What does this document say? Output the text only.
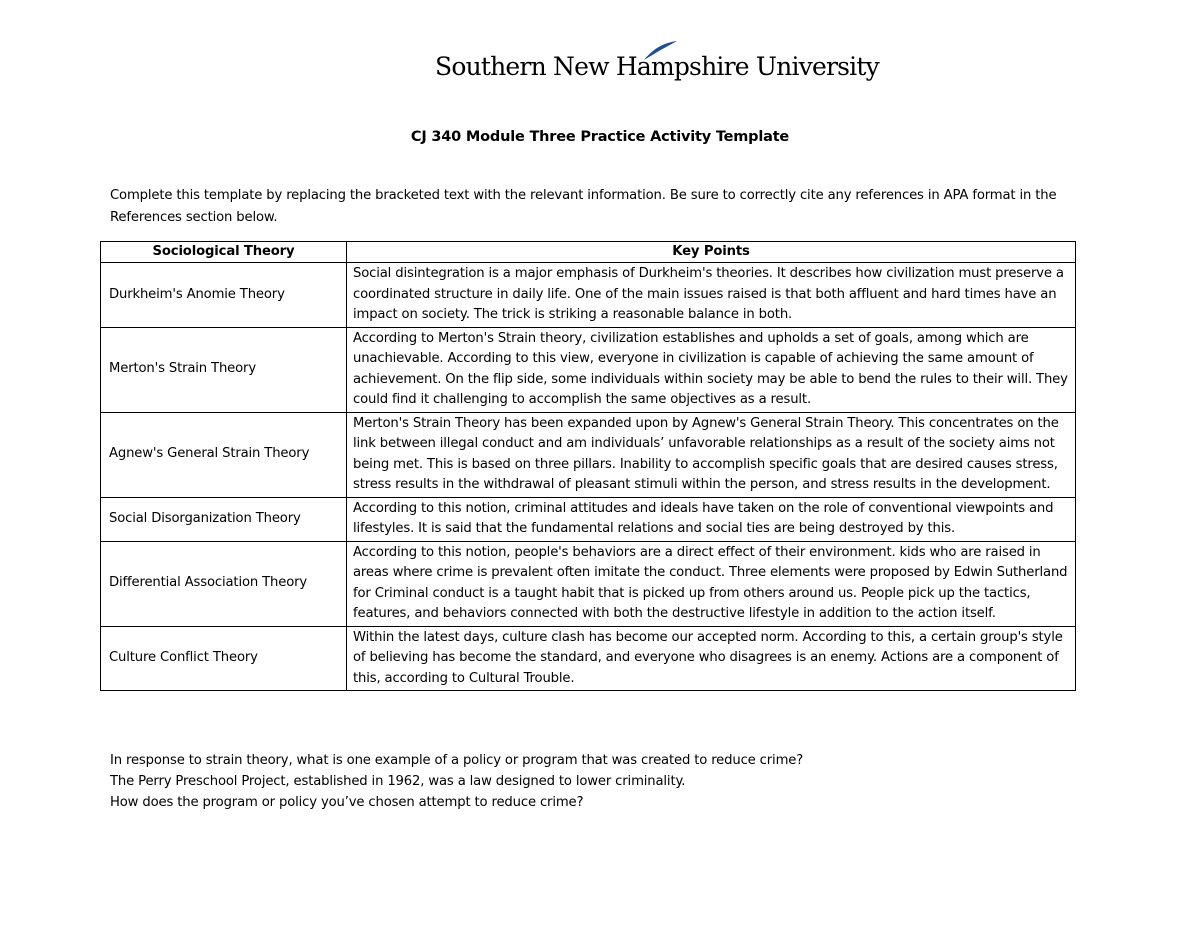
Southern New Hampshire University
CJ 340 Module Three Practice Activity Template
Complete this template by replacing the bracketed text with the relevant information. Be sure to correctly cite any references in APA format in the References section below.
Sociological Theory	Key Points
Durkheim's Anomie Theory	Social disintegration is a major emphasis of Durkheim's theories. It describes how civilization must preserve a coordinated structure in daily life. One of the main issues raised is that both affluent and hard times have an impact on society. The trick is striking a reasonable balance in both.
Merton's Strain Theory	According to Merton's Strain theory, civilization establishes and upholds a set of goals, among which are unachievable. According to this view, everyone in civilization is capable of achieving the same amount of achievement. On the flip side, some individuals within society may be able to bend the rules to their will. They could find it challenging to accomplish the same objectives as a result.
Agnew's General Strain Theory	Merton's Strain Theory has been expanded upon by Agnew's General Strain Theory. This concentrates on the link between illegal conduct and am individuals’ unfavorable relationships as a result of the society aims not being met. This is based on three pillars. Inability to accomplish specific goals that are desired causes stress, stress results in the withdrawal of pleasant stimuli within the person, and stress results in the development.
Social Disorganization Theory	According to this notion, criminal attitudes and ideals have taken on the role of conventional viewpoints and lifestyles. It is said that the fundamental relations and social ties are being destroyed by this.
Differential Association Theory	According to this notion, people's behaviors are a direct effect of their environment. kids who are raised in areas where crime is prevalent often imitate the conduct. Three elements were proposed by Edwin Sutherland for Criminal conduct is a taught habit that is picked up from others around us. People pick up the tactics, features, and behaviors connected with both the destructive lifestyle in addition to the action itself.
Culture Conflict Theory	Within the latest days, culture clash has become our accepted norm. According to this, a certain group's style of believing has become the standard, and everyone who disagrees is an enemy. Actions are a component of this, according to Cultural Trouble.

In response to strain theory, what is one example of a policy or program that was created to reduce crime?

The Perry Preschool Project, established in 1962, was a law designed to lower criminality.

How does the program or policy you’ve chosen attempt to reduce crime?
